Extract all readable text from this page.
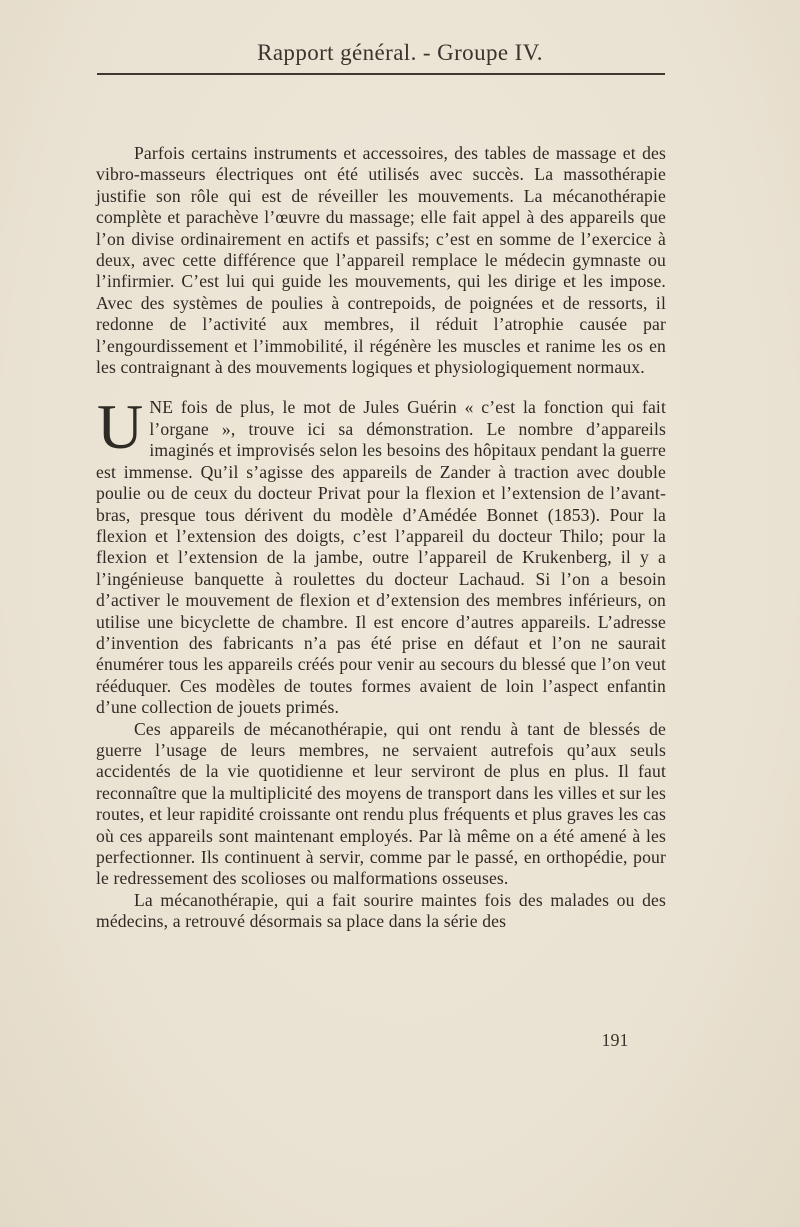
Rapport général. - Groupe IV.

Parfois certains instruments et accessoires, des tables de massage et des vibro-masseurs électriques ont été utilisés avec succès. La massothérapie justifie son rôle qui est de réveiller les mouvements. La mécanothérapie complète et parachève l’œuvre du massage; elle fait appel à des appareils que l’on divise ordinairement en actifs et passifs; c’est en somme de l’exercice à deux, avec cette différence que l’appareil remplace le médecin gymnaste ou l’infirmier. C’est lui qui guide les mouvements, qui les dirige et les impose. Avec des systèmes de poulies à contrepoids, de poignées et de ressorts, il redonne de l’activité aux membres, il réduit l’atrophie causée par l’engourdissement et l’immobilité, il régénère les muscles et ranime les os en les contraignant à des mouvements logiques et physiologiquement normaux.

UNE fois de plus, le mot de Jules Guérin « c’est la fonction qui fait l’organe », trouve ici sa démonstration. Le nombre d’appareils imaginés et improvisés selon les besoins des hôpitaux pendant la guerre est immense. Qu’il s’agisse des appareils de Zander à traction avec double poulie ou de ceux du docteur Privat pour la flexion et l’extension de l’avant-bras, presque tous dérivent du modèle d’Amédée Bonnet (1853). Pour la flexion et l’extension des doigts, c’est l’appareil du docteur Thilo; pour la flexion et l’extension de la jambe, outre l’appareil de Krukenberg, il y a l’ingénieuse banquette à roulettes du docteur Lachaud. Si l’on a besoin d’activer le mouvement de flexion et d’extension des membres inférieurs, on utilise une bicyclette de chambre. Il est encore d’autres appareils. L’adresse d’invention des fabricants n’a pas été prise en défaut et l’on ne saurait énumérer tous les appareils créés pour venir au secours du blessé que l’on veut rééduquer. Ces modèles de toutes formes avaient de loin l’aspect enfantin d’une collection de jouets primés.

Ces appareils de mécanothérapie, qui ont rendu à tant de blessés de guerre l’usage de leurs membres, ne servaient autrefois qu’aux seuls accidentés de la vie quotidienne et leur serviront de plus en plus. Il faut reconnaître que la multiplicité des moyens de transport dans les villes et sur les routes, et leur rapidité croissante ont rendu plus fréquents et plus graves les cas où ces appareils sont maintenant employés. Par là même on a été amené à les perfectionner. Ils continuent à servir, comme par le passé, en orthopédie, pour le redressement des scolioses ou malformations osseuses.

La mécanothérapie, qui a fait sourire maintes fois des malades ou des médecins, a retrouvé désormais sa place dans la série des

191
